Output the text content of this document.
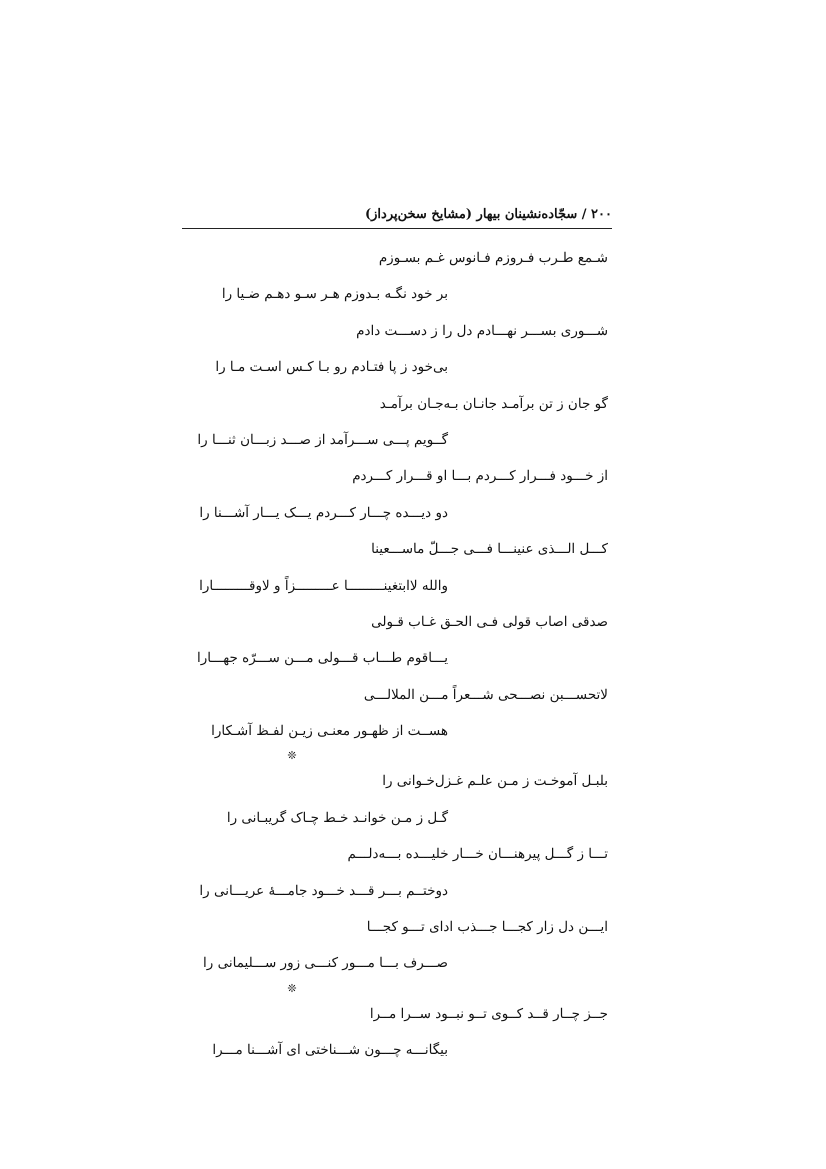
۲۰۰ / سجّاده‌نشینان بیهار (مشایخ سخن‌پرداز)
شـمع طـرب فـروزم فـانوس غـم بسـوزم
بر خود نگـه بـدوزم هـر سـو دهـم ضـیا را
شـــوری بســـر نهـــادم دل را ز دســـت دادم
بی‌خود ز پا فتـادم رو بـا کـس اسـت مـا را
گو جان ز تن برآمـد جانـان بـه‌جـان برآمـد
گــویم پـــی ســـرآمد از صـــد زبـــان ثنـــا را
از خـــود فـــرار کـــردم بـــا او قـــرار کـــردم
دو دیـــده چـــار کـــردم یـــک یـــار آشـــنا را
کـــل الـــذی عنینـــا فـــی جـــلّ ماســـعینا
والله لاابتغینـــــــــا عـــــــــزاً و لاوقـــــــــارا
صدقی اصاب قولی فـی الحـق غـاب قـولی
یـــاقوم طـــاب قـــولی مـــن ســـرّه جهـــارا
لاتحســـبن نصـــحی شـــعراً مـــن الملالـــی
هســت از ظهـور معنـی زیـن لفـظ آشـکارا
❊
بلبـل آموخـت ز مـن علـم غـزل‌خـوانی را
گـل ز مـن خوانـد خـط چـاک گریبـانی را
تـــا ز گـــل پیرهنـــان خـــار خلیـــده بـــه‌دلـــم
دوختــم بـــر قـــد خـــود جامـــهٔ عریـــانی را
ایـــن دل زار کجـــا جـــذب ادای تـــو کجـــا
صـــرف بـــا مـــور کنـــی زور ســـلیمانی را
❊
جــز چــار قــد کــوی تــو نبــود ســرا مــرا
بیگانـــه چـــون شـــناختی ای آشـــنا مـــرا
